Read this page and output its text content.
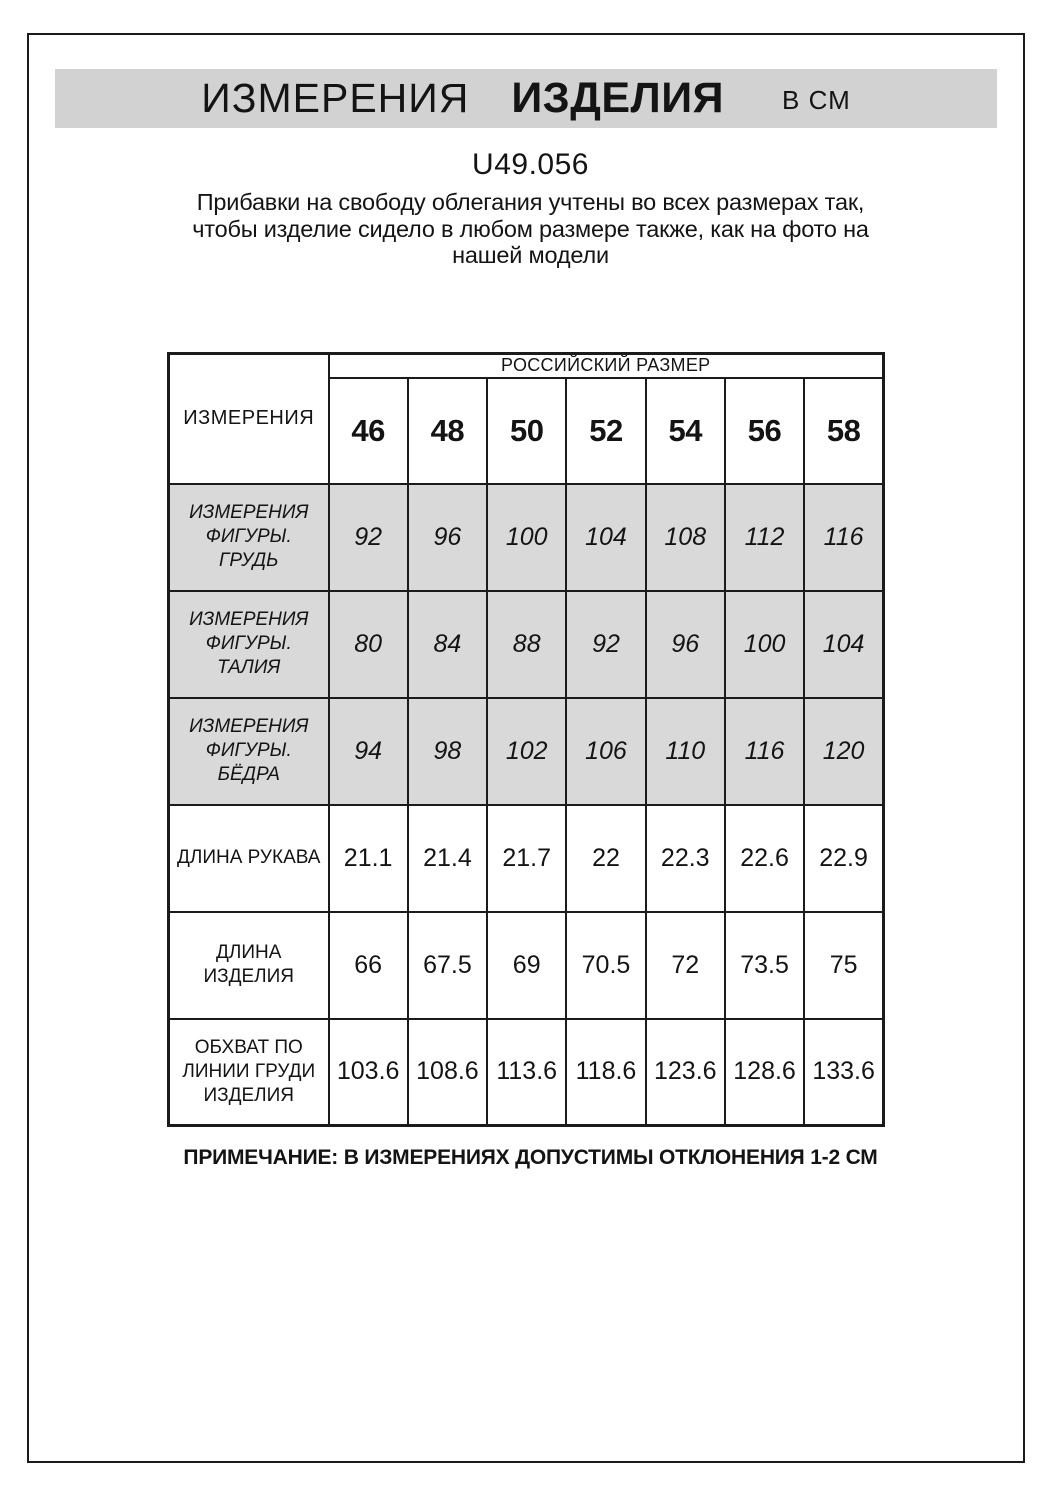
ИЗМЕРЕНИЯ ИЗДЕЛИЯ В СМ
U49.056
Прибавки на свободу облегания учтены во всех размерах так,
чтобы изделие сидело в любом размере также, как на фото на
нашей модели
ИЗМЕРЕНИЯ	РОССИЙСКИЙ РАЗМЕР						
	46	48	50	52	54	56	58
ИЗМЕРЕНИЯ ФИГУРЫ. ГРУДЬ	92	96	100	104	108	112	116
ИЗМЕРЕНИЯ ФИГУРЫ. ТАЛИЯ	80	84	88	92	96	100	104
ИЗМЕРЕНИЯ ФИГУРЫ. БЁДРА	94	98	102	106	110	116	120
ДЛИНА РУКАВА	21.1	21.4	21.7	22	22.3	22.6	22.9
ДЛИНА ИЗДЕЛИЯ	66	67.5	69	70.5	72	73.5	75
ОБХВАТ ПО ЛИНИИ ГРУДИ ИЗДЕЛИЯ	103.6	108.6	113.6	118.6	123.6	128.6	133.6
ПРИМЕЧАНИЕ: В ИЗМЕРЕНИЯХ ДОПУСТИМЫ ОТКЛОНЕНИЯ 1-2 СМ
